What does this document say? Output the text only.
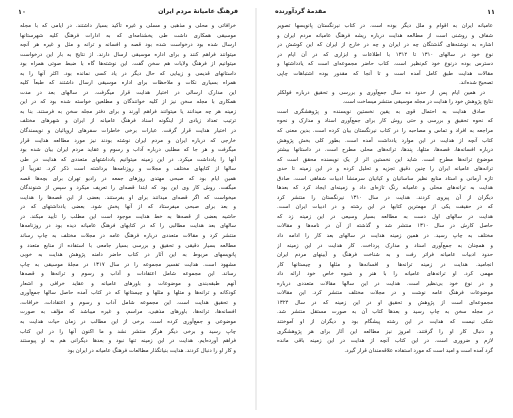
فرهنگ عامیانهٔ مردم ایران
۱۰
خرافاتی و محلی و مذهبی و مسلی و غیره تأکید بسیار داشتند. در ایامی که با مجله
موسیقی همکاری داشت طی یخشنامه‌ای که به ادارات فرهنگ کلیه شهرستانها
ارسال شده بود درخواست شده بود قصه و افسانه و ترانه و مثل و غیره هر آنچه
میتوانند فراهم کنند و برای اداره موسیقی ارسال دارند. از نتایج به بار این درخواست
میتوانیم از فرهنگ ولایات هم سخن گفت. این نوشته‌ها گاه با ضبط صوتی همراه بود
داستانهای قدیمی و زیبایی که حال دیگر در یاد کسی نمانده بود. اکثر آنها را به
همراه بسیاری نکات و ملاحظات برای اداره موسیقی ارسال داشتند که طبعاً کلیه
این مدارک ارسالی در اختیار هدایت قرار میگرفت. در سالهای بعد در مدت
همکاری با مجله سخن نیز از کلیه خوانندگان و مطلعین خواسته شده بود که در این
زمینه هر چه میدانند یا میتوانند فراهم آورند و برای دفتر مجله سخن به فرستند. بنا به
ترتیب تعداد زیادی از اینگونه اسناد فرهنگ عامیانه از ایران و شهرهای مختلف
در اختیار هدایت قرار گرفت. عبارات برخی خاطرات سفرهای اروپائیان و نویسندگان
خارجی که درباره ایران و مردم ایران نوشته بودند نیز مورد مطالعه هدایت قرار
میگرفت و هر جا که مطلبی درباره آداب و رسوم و عقاید مردم ایران بیان شده بود
آنها را یادداشت میکرد. در این زمینه میتوانیم یادداشتهای متعددی که هدایت در طی
سالها از کتابهای مختلف و مجلات و روزنامه‌ها برداشته است ذکر کرد. تقریباً از
همین ایام بود که صبحی مهتدی روزهای جمعه در رادیو تهران برای بچه‌ها قصه
میگفت. روش کار وی این بود که ابتدا قصه‌ای را تعریف میکرد و سپس از شنوندگان
میخواست که اگر قصه‌ای میدانند برای او بفرستند. بعضی از این قصه‌ها را هدایت
و بعد برای صبحی میفرستاد که از آنها پخش شود. بعضی یادداشتهای که در
حاشیه بعضی از قصه‌ها به خط هدایت موجود است این مطلب را تأیید میکند. در
سالهای بعد هدایت مطالبی را که در کتابهای فرهنگ عامیانه دیده بود در روزنامه‌ها
منتشر کرد و مقالات متعددی درباره فرهنگ عامه در مجلات مختلف به چاپ رساند
مطالعه بسیار دقیقی و تحقیق و بررسی بسیار جامعی با استفاده از منابع متعدد و
پانویسهای مربوط به این آثار در کتاب حاضر دامنه پژوهش هدایت به خوبی
مشهود است. هدایت تفسیر مجموعه را در سال ۱۳۱۷ در مجلهٔ موسیقی به چاپ
رساند. این مجموعه شامل اعتقادات و آداب و رسوم و ترانه‌ها و قصه‌ها
آنهم طبقه‌بندی و موضوعات و باورهای عامیانه و عقاید خرافی و اشعار
کودکانه و ترانه‌ها و متلها و مثلها و چیستانها که در کتاب آمده حاصل سالها جمع‌آوری
و تحقیق هدایت است. این مجموعه شامل آداب و رسوم و اعتقادات، خرافات،
افسانه‌ها، ترانه‌ها، باورهای مذهبی، مراسم، و غیره میباشد که مؤلف به صورت
موضوعی و جمع‌آوری کرده است. برخی از این مطالب در زمان حیات هدایت به
چاپ رسید و برخی دیگر هرگز منتشر نشد و ما اکنون آنها را در این کتاب
فراهم آورده‌ایم. هدایت در این زمینه تنها نبود و بعدها دیگرانی هم به او پیوستند
و کار او را دنبال کردند. هدایت بنیانگذار مطالعات فرهنگ عامیانه در ایران بود
مقدمهٔ گردآورنده	۱۱
عامیانه ایران به اقوام و ملل دیگر بوده است. در کتاب نیرنگستان پانویسها تصویر
شفاف و روشنی است از مطالعه هدایت درباره ریشه فرهنگ عامیانه مردم ایران و
اشاره به نوشته‌های گذشتگان چه در ایران و چه در خارج از ایران که این کوشش در
نوع خود در سالهای ۱۳۱۰ تا ۱۳۱۲ با اطلاعات و ابزاری که در آن ایام در
دسترس بوده درنوع خود کم‌نظیر است. کتاب حاضر مجموعه‌ای است که یادداشتها و
مقالات هدایت طبق کامل آمده است و تا آنجا که مقدور بوده اشتباهات چاپی
تصحیح شده‌اند.
در همین ایام پس از حدود ده سال جمع‌آوری و بررسی و تحقیق درباره فولکلر
نتایج پژوهش خود را هدایت در مجله موسیقی منتشر میساخت است.
صادق هدایت به احتمال قوی به یقین نخستین نویسنده و پژوهشگری است
که نحوه تحقیق و بررسی و حتی روش کار برای جمع‌آوری اسناد و مدارک و نحوه
مراجعه به افراد و تماس و مصاحبه را در کتاب نیرنگستان بیان کرده است. بدین معنی که
کتاب آنچه از هدایت در این موارد یادداشت آمده است. بطور کلی بخش پژوهش
درباره افسانه‌ها، قصه‌ها، متلها، پند‌ها، ترانه‌های محلی مطرح است. در داستانها بیشتر
موضوع ترانه‌ها مطرح است. شاید این نخستین اثر از یک نویسنده محقق است که
ترانه‌های عامیانه ایران را چنین دقیق تجزیه و تحلیل کرده و در این زمینه تا حدی
تازه آرمانی و استاد منابع نظیر ساسانیان و کیانیان سرمنشأ ادبیات شفاهی است. صادق
هدایت به ترانه‌های محلی و عامیانه رنگ تازه‌ای داد و زمینه‌ای ایجاد کرد که بعدها
دیگران از آن پیروی کردند. هدایت در سال ۱۳۱۰ نیرنگستان را منتشر کرد
که در حقیقت یکی از مهمترین کتابها در این رشته و در ادبیات ایران است.
هدایت در سالهای اول دست به مطالعه بسیار وسیعی در این زمینه زد که
حاصل کارش در سال ۱۳۱۰ منتشر شد و گذشته از آن در نامه‌ها و مقالات
مختلف به چاپ رسید. در همین زمینه هدایت در سالهای بعد کار را ادامه داد
و همچنان به جمع‌آوری اسناد و مدارک پرداخت. کار هدایت در این زمینه از
حدود ادبیات عامیانه فراتر رفت و به شناخت فرهنگ و آیینهای مردم ایران
انجامید. هدایت در زمینه ترانه‌ها و افسانه‌ها و مثلها و چیستانها کار
مهمی کرد. او ترانه‌های عامیانه را با هنر و شیوه خاص خود ارائه داد
و در نوع خود بی‌نظیر است. هدایت در این سالها مقالات متعددی درباره
موضوعات فرهنگ عامه نوشت و در مجلات مختلف منتشر کرد. این مقالات
مجموعه‌ای است از پژوهش و تحقیق او در این زمینه که در سال ۱۳۲۴
در مجله سخن به چاپ رسید و بعدها کتاب آن به صورت مستقل منتشر شد.
شکی نیست که هدایت در این رشته پیشگام بود و دیگران از او آموختند
و دنبال کار او را گرفتند. امروز نیز مطالعه این آثار برای هر پژوهشگری
لازم و ضروری است. در این کتاب آنچه از هدایت در این زمینه باقی مانده
گرد آمده است و امید است که مورد استفاده علاقه‌مندان قرار گیرد.
